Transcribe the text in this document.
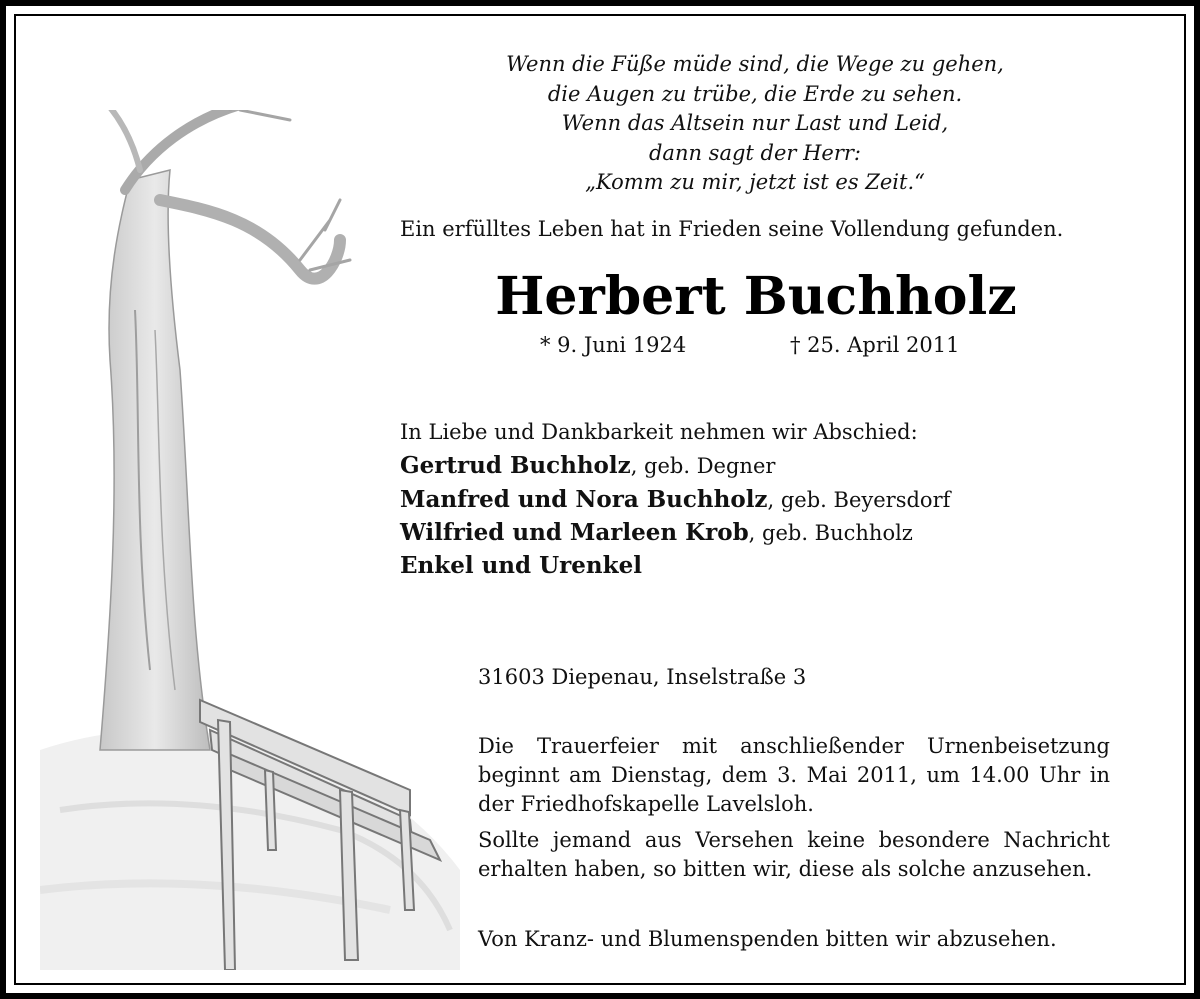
Wenn die Füße müde sind, die Wege zu gehen,
die Augen zu trübe, die Erde zu sehen.
Wenn das Altsein nur Last und Leid,
dann sagt der Herr:
„Komm zu mir, jetzt ist es Zeit.“
Ein erfülltes Leben hat in Frieden seine Vollendung gefunden.
Herbert Buchholz
* 9. Juni 1924	† 25. April 2011
In Liebe und Dankbarkeit nehmen wir Abschied:
Gertrud Buchholz, geb. Degner
Manfred und Nora Buchholz, geb. Beyersdorf
Wilfried und Marleen Krob, geb. Buchholz
Enkel und Urenkel
31603 Diepenau, Inselstraße 3
Die Trauerfeier mit anschließender Urnenbeisetzung beginnt am Dienstag, dem 3. Mai 2011, um 14.00 Uhr in der Friedhofskapelle Lavelsloh.
Sollte jemand aus Versehen keine besondere Nachricht erhalten haben, so bitten wir, diese als solche anzusehen.
Von Kranz- und Blumenspenden bitten wir abzusehen.
